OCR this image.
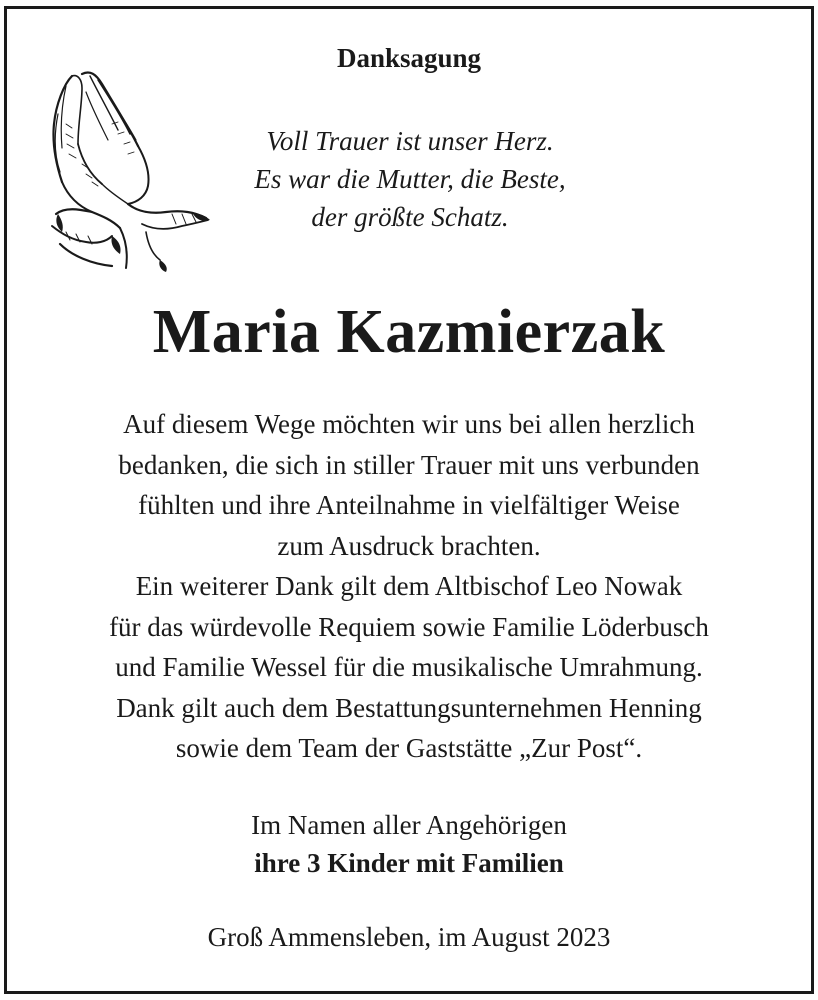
Danksagung
Voll Trauer ist unser Herz.
Es war die Mutter, die Beste,
der größte Schatz.
Maria Kazmierzak
Auf diesem Wege möchten wir uns bei allen herzlich
bedanken, die sich in stiller Trauer mit uns verbunden
fühlten und ihre Anteilnahme in vielfältiger Weise
zum Ausdruck brachten.
Ein weiterer Dank gilt dem Altbischof Leo Nowak
für das würdevolle Requiem sowie Familie Löderbusch
und Familie Wessel für die musikalische Umrahmung.
Dank gilt auch dem Bestattungsunternehmen Henning
sowie dem Team der Gaststätte „Zur Post“.
Im Namen aller Angehörigen
ihre 3 Kinder mit Familien
Groß Ammensleben, im August 2023
